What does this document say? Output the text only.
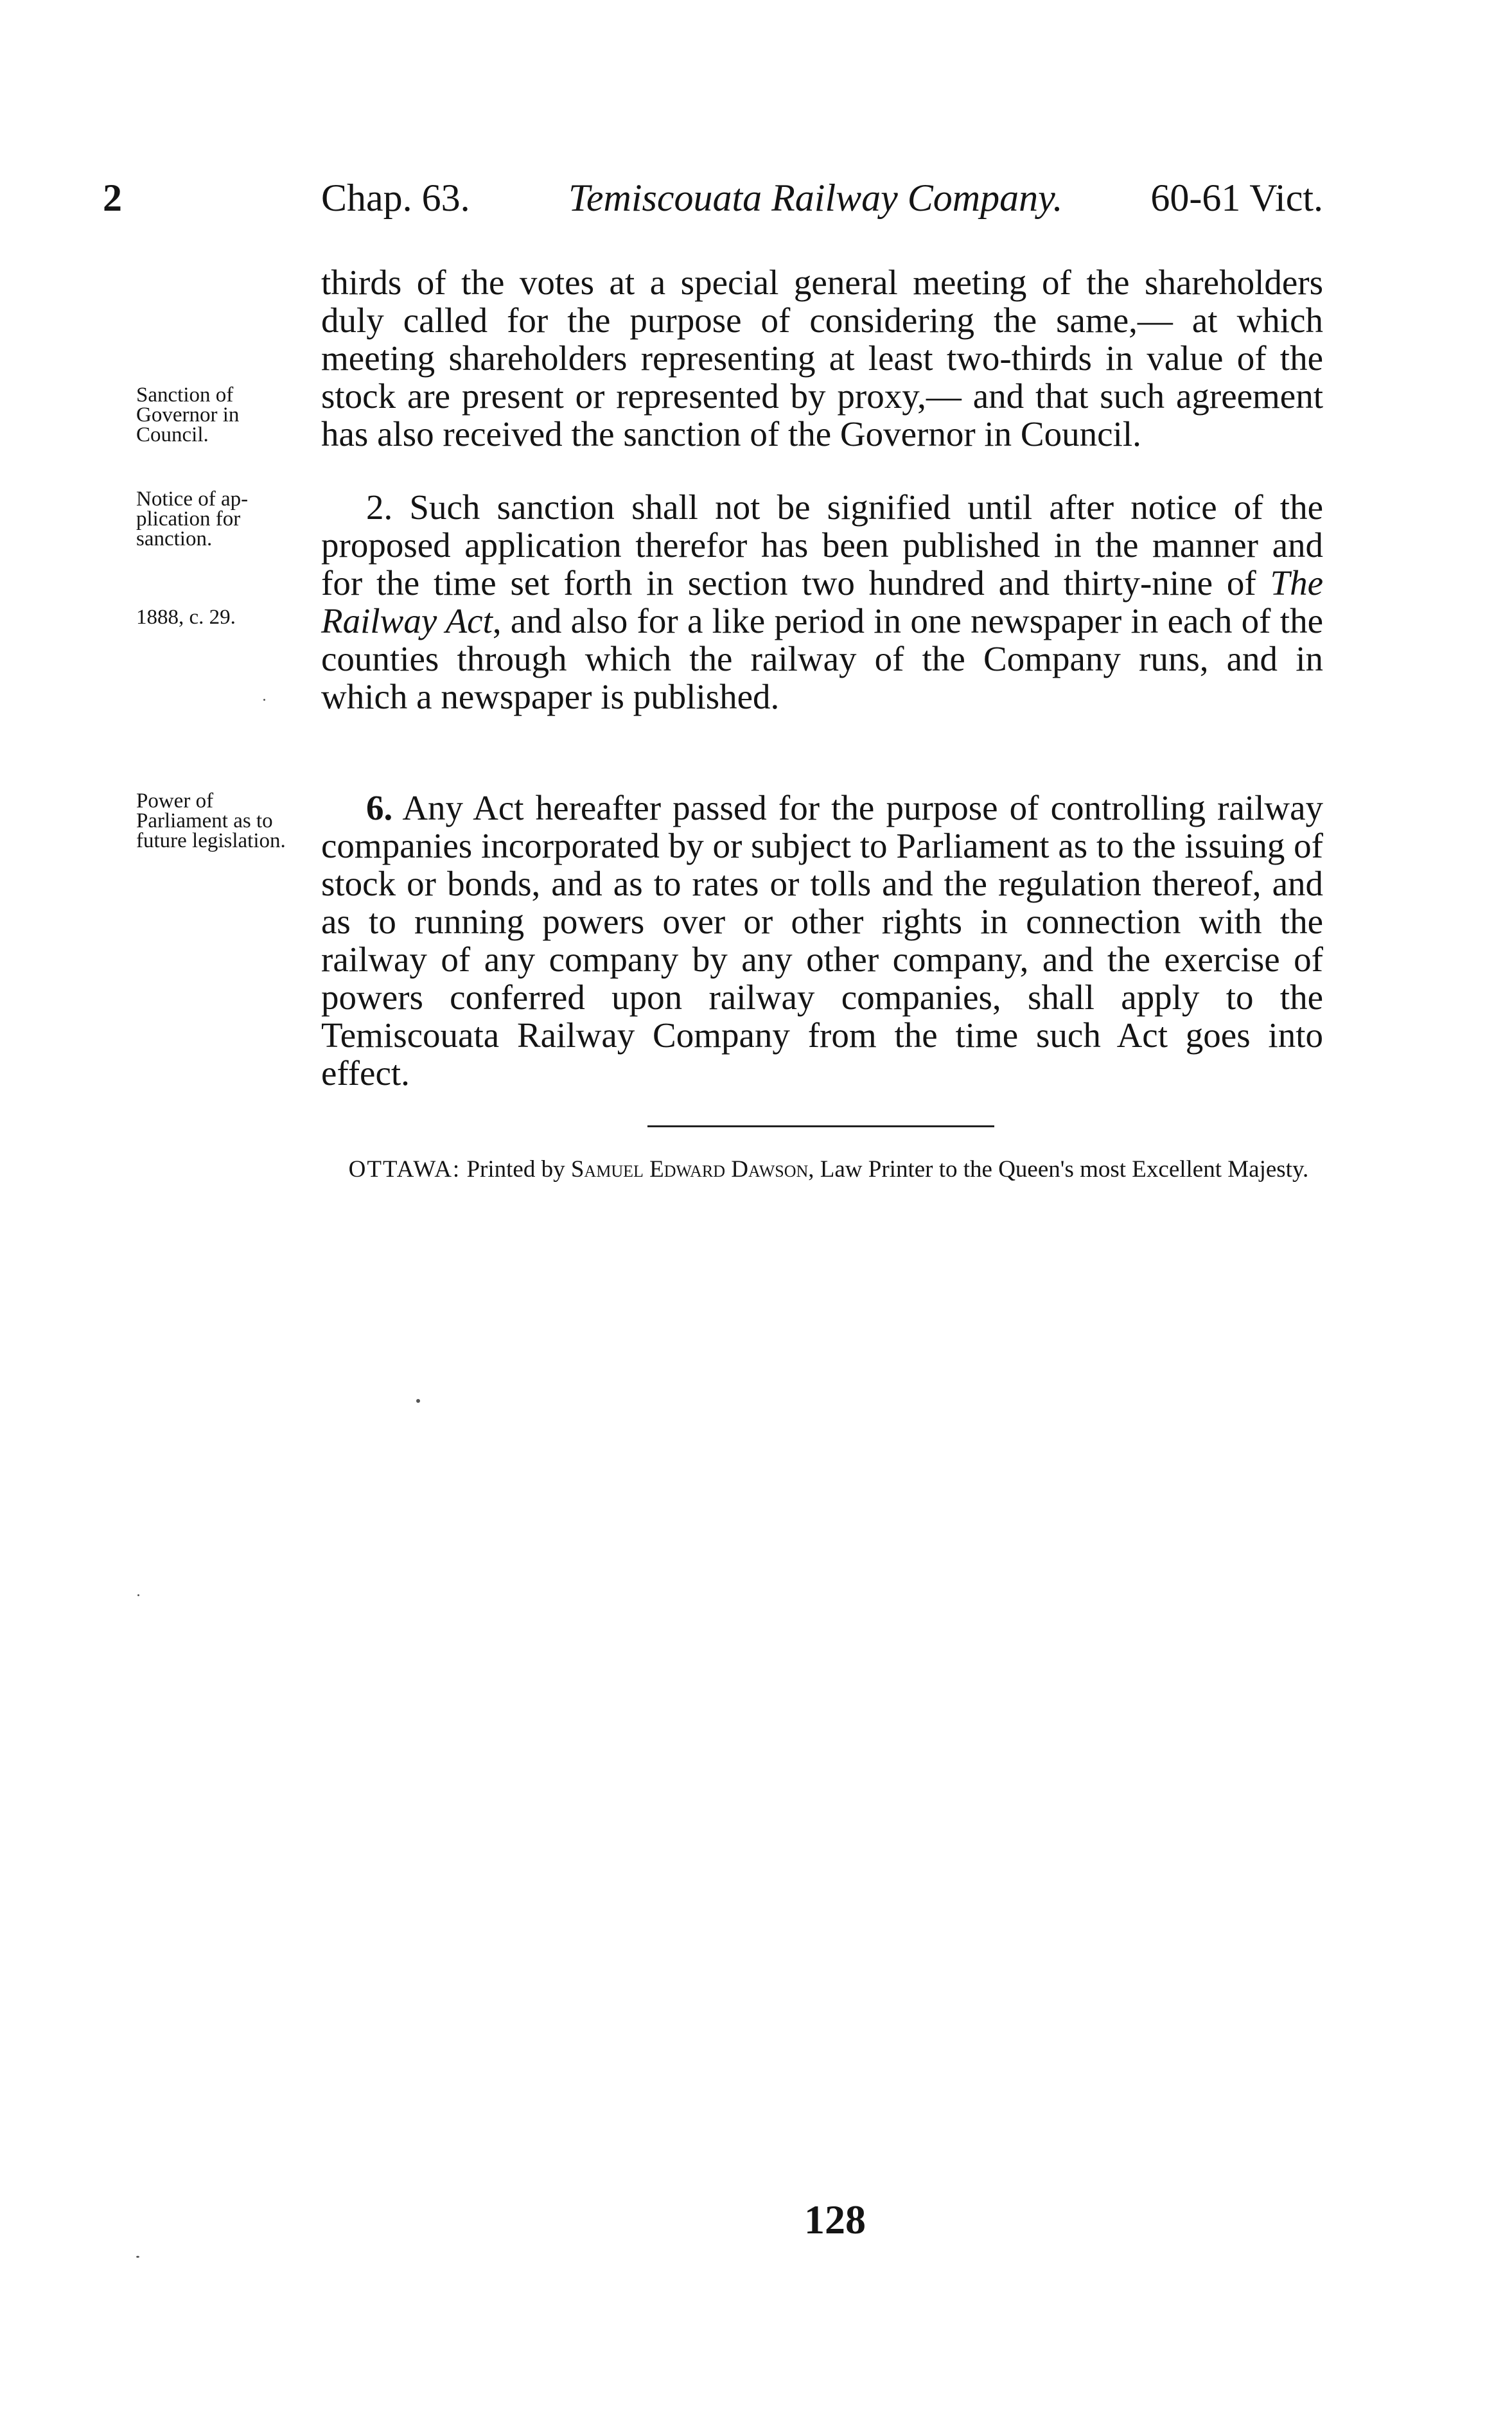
2	Chap. 63.	Temiscouata Railway Company. 60-61 Vict.
Sanction of Governor in Council.
Notice of ap-plication for sanction.
1888, c. 29.
Power of Parliament as to future legislation.
thirds of the votes at a special general meeting of the shareholders duly called for the purpose of considering the same,— at which meeting shareholders representing at least two-thirds in value of the stock are present or represented by proxy,— and that such agreement has also received the sanction of the Governor in Council.
2. Such sanction shall not be signified until after notice of the proposed application therefor has been published in the manner and for the time set forth in section two hundred and thirty-nine of The Railway Act, and also for a like period in one newspaper in each of the counties through which the railway of the Company runs, and in which a newspaper is published.
6. Any Act hereafter passed for the purpose of controlling railway companies incorporated by or subject to Parliament as to the issuing of stock or bonds, and as to rates or tolls and the regulation thereof, and as to running powers over or other rights in connection with the railway of any company by any other company, and the exercise of powers conferred upon railway companies, shall apply to the Temiscouata Railway Company from the time such Act goes into effect.
OTTAWA: Printed by Samuel Edward Dawson, Law Printer to the Queen's most Excellent Majesty.
128
